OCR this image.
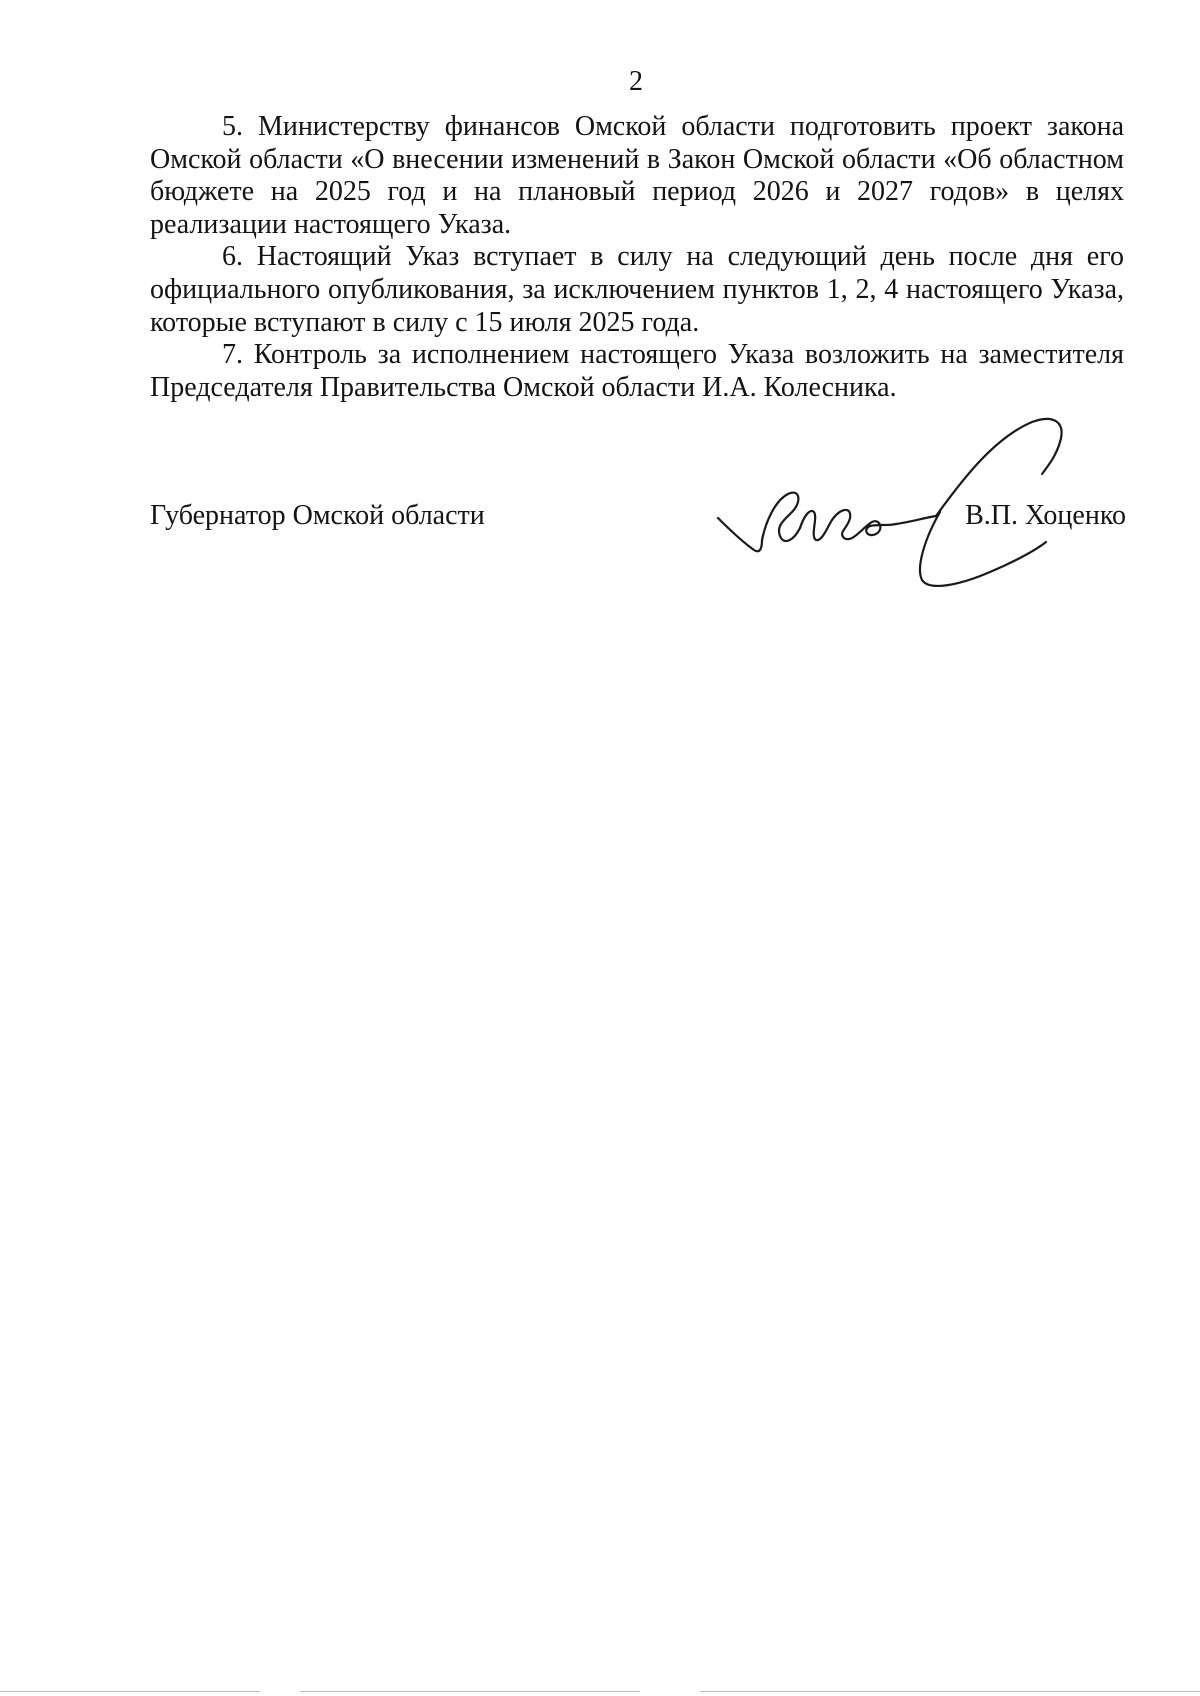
2

5. Министерству финансов Омской области подготовить проект закона Омской области «О внесении изменений в Закон Омской области «Об областном бюджете на 2025 год и на плановый период 2026 и 2027 годов» в целях реализации настоящего Указа.

6. Настоящий Указ вступает в силу на следующий день после дня его официального опубликования, за исключением пунктов 1, 2, 4 настоящего Указа, которые вступают в силу с 15 июля 2025 года.

7. Контроль за исполнением настоящего Указа возложить на заместителя Председателя Правительства Омской области И.А. Колесника.

Губернатор Омской области	В.П. Хоценко
